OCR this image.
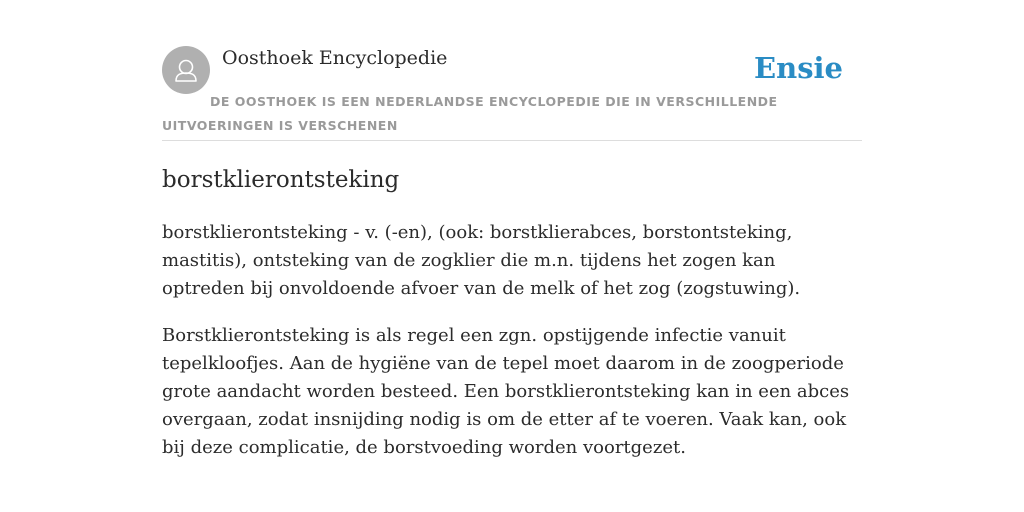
Oosthoek Encyclopedie	Ensie
DE OOSTHOEK IS EEN NEDERLANDSE ENCYCLOPEDIE DIE IN VERSCHILLENDE UITVOERINGEN IS VERSCHENEN
borstklierontsteking

borstklierontsteking - v. (-en), (ook: borstklierabces, borstontsteking, mastitis), ontsteking van de zogklier die m.n. tijdens het zogen kan optreden bij onvoldoende afvoer van de melk of het zog (zogstuwing).

Borstklierontsteking is als regel een zgn. opstijgende infectie vanuit tepelkloofjes. Aan de hygiëne van de tepel moet daarom in de zoogperiode grote aandacht worden besteed. Een borstklierontsteking kan in een abces overgaan, zodat insnijding nodig is om de etter af te voeren. Vaak kan, ook bij deze complicatie, de borstvoeding worden voortgezet.
